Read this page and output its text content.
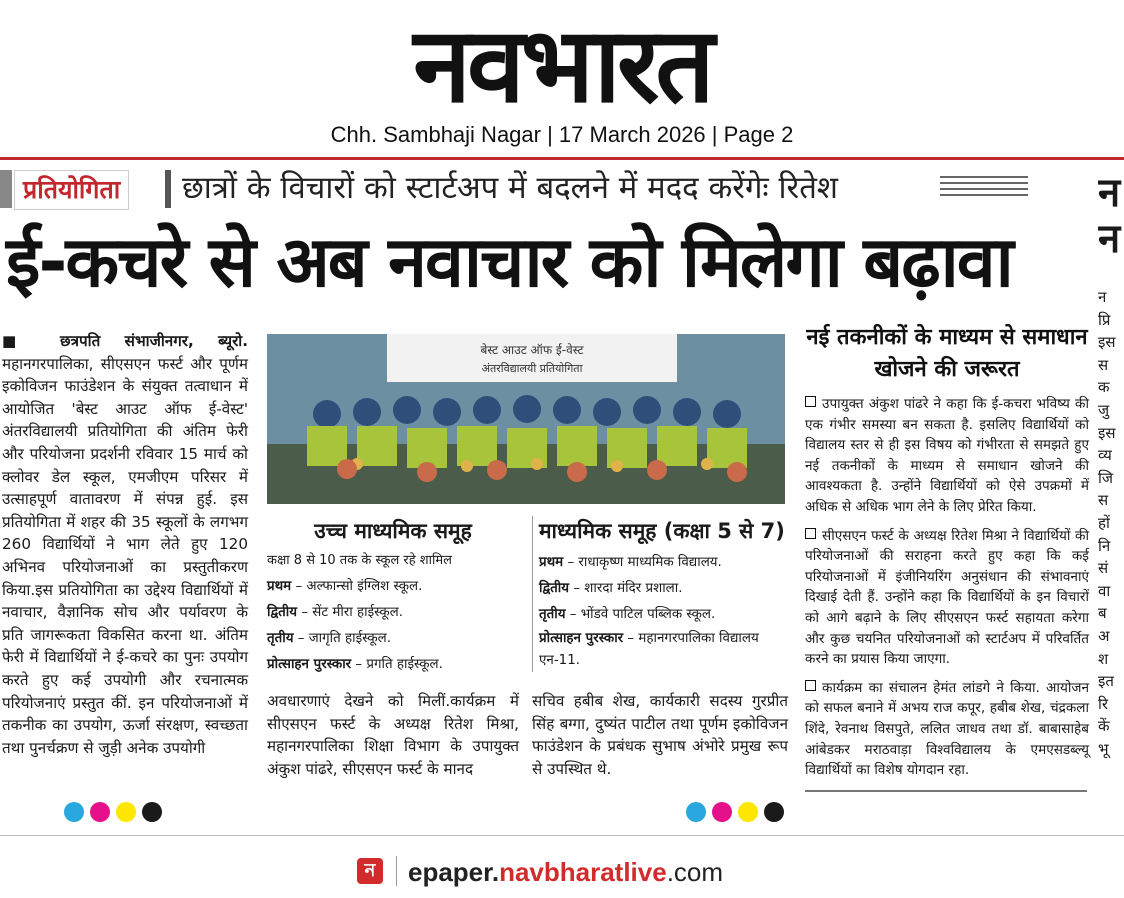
नवभारत
Chh. Sambhaji Nagar | 17 March 2026 | Page 2
प्रतियोगिता छात्रों के विचारों को स्टार्टअप में बदलने में मदद करेंगेः रितेश
ई-कचरे से अब नवाचार को मिलेगा बढ़ावा
■ छत्रपति संभाजीनगर, ब्यूरो. महानगरपालिका, सीएसएन फर्स्ट और पूर्णम इकोविजन फाउंडेशन के संयुक्त तत्वाधान में आयोजित 'बेस्ट आउट ऑफ ई-वेस्ट' अंतरविद्यालयी प्रतियोगिता की अंतिम फेरी और परियोजना प्रदर्शनी रविवार 15 मार्च को क्लोवर डेल स्कूल, एमजीएम परिसर में उत्साहपूर्ण वातावरण में संपन्न हुई. इस प्रतियोगिता में शहर की 35 स्कूलों के लगभग 260 विद्यार्थियों ने भाग लेते हुए 120 अभिनव परियोजनाओं का प्रस्तुतीकरण किया.इस प्रतियोगिता का उद्देश्य विद्यार्थियों में नवाचार, वैज्ञानिक सोच और पर्यावरण के प्रति जागरूकता विकसित करना था. अंतिम फेरी में विद्यार्थियों ने ई-कचरे का पुनः उपयोग करते हुए कई उपयोगी और रचनात्मक परियोजनाएं प्रस्तुत कीं. इन परियोजनाओं में तकनीक का उपयोग, ऊर्जा संरक्षण, स्वच्छता तथा पुनर्चक्रण से जुड़ी अनेक उपयोगी
बेस्ट आउट ऑफ ई-वेस्ट
अंतरविद्यालयी प्रतियोगिता
उच्च माध्यमिक समूह
कक्षा 8 से 10 तक के स्कूल रहे शामिल
प्रथम – अल्फान्सो इंग्लिश स्कूल.
द्वितीय – सेंट मीरा हाईस्कूल.
तृतीय – जागृति हाईस्कूल.
प्रोत्साहन पुरस्कार – प्रगति हाईस्कूल.
माध्यमिक समूह (कक्षा 5 से 7)
प्रथम – राधाकृष्ण माध्यमिक विद्यालय.
द्वितीय – शारदा मंदिर प्रशाला.
तृतीय – भोंडवे पाटिल पब्लिक स्कूल.
प्रोत्साहन पुरस्कार – महानगरपालिका विद्यालय एन-11.
अवधारणाएं देखने को मिलीं.कार्यक्रम में सीएसएन फर्स्ट के अध्यक्ष रितेश मिश्रा, महानगरपालिका शिक्षा विभाग के उपायुक्त अंकुश पांढरे, सीएसएन फर्स्ट के मानद
सचिव हबीब शेख, कार्यकारी सदस्य गुरप्रीत सिंह बग्गा, दुष्यंत पाटील तथा पूर्णम इकोविजन फाउंडेशन के प्रबंधक सुभाष अंभोरे प्रमुख रूप से उपस्थित थे.
नई तकनीकों के माध्यम से समाधान खोजने की जरूरत
उपायुक्त अंकुश पांढरे ने कहा कि ई-कचरा भविष्य की एक गंभीर समस्या बन सकता है. इसलिए विद्यार्थियों को विद्यालय स्तर से ही इस विषय को गंभीरता से समझते हुए नई तकनीकों के माध्यम से समाधान खोजने की आवश्यकता है. उन्होंने विद्यार्थियों को ऐसे उपक्रमों में अधिक से अधिक भाग लेने के लिए प्रेरित किया.
सीएसएन फर्स्ट के अध्यक्ष रितेश मिश्रा ने विद्यार्थियों की परियोजनाओं की सराहना करते हुए कहा कि कई परियोजनाओं में इंजीनियरिंग अनुसंधान की संभावनाएं दिखाई देती हैं. उन्होंने कहा कि विद्यार्थियों के इन विचारों को आगे बढ़ाने के लिए सीएसएन फर्स्ट सहायता करेगा और कुछ चयनित परियोजनाओं को स्टार्टअप में परिवर्तित करने का प्रयास किया जाएगा.
कार्यक्रम का संचालन हेमंत लांडगे ने किया. आयोजन को सफल बनाने में अभय राज कपूर, हबीब शेख, चंद्रकला शिंदे, रेवनाथ विसपुते, ललित जाधव तथा डॉ. बाबासाहेब आंबेडकर मराठवाड़ा विश्वविद्यालय के एमएसडब्ल्यू विद्यार्थियों का विशेष योगदान रहा.
न
न
न
प्रि
इस
स
क
जु
इस
व्य
जि
स
हों
नि
सं
वा
ब
अ
श
इत
रि
कें
भू
ন epaper.navbharatlive.com
